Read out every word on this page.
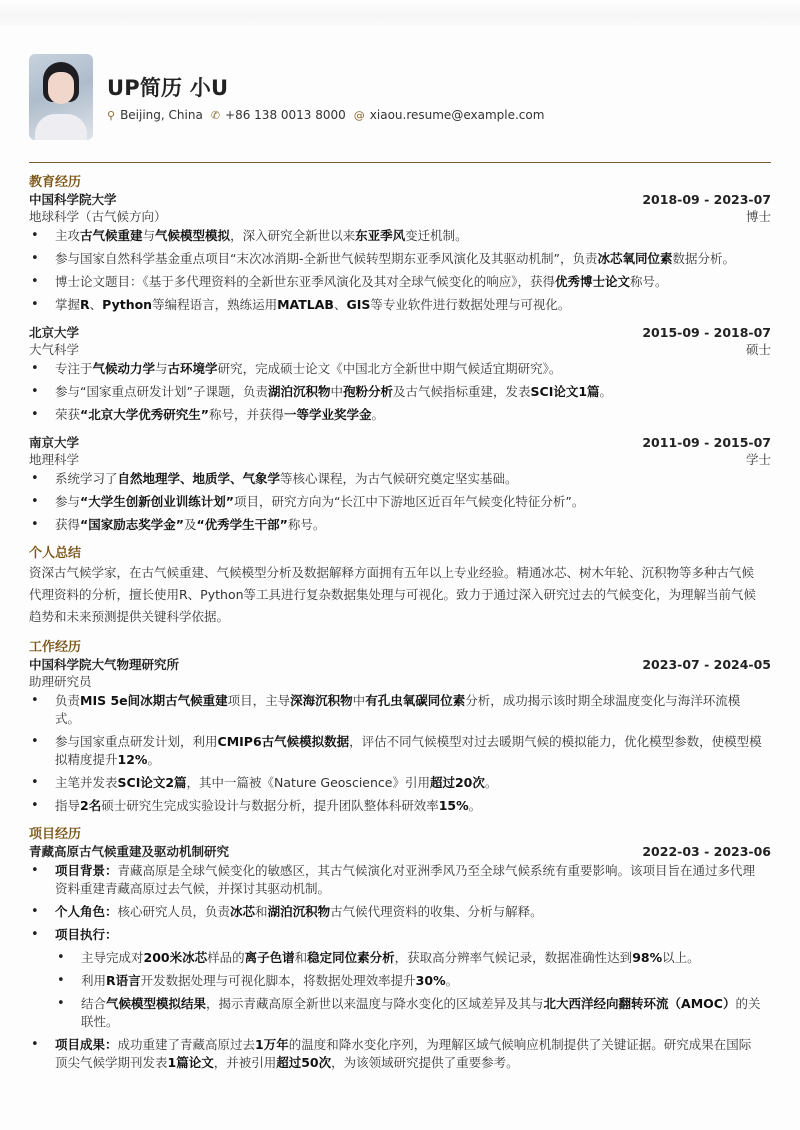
UP简历 小U
⚲ Beijing, China ✆ +86 138 0013 8000 @ xiaou.resume@example.com
教育经历
中国科学院大学	2018-09 - 2023-07
地球科学（古气候方向）	博士
• 主攻古气候重建与气候模型模拟，深入研究全新世以来东亚季风变迁机制。
• 参与国家自然科学基金重点项目“末次冰消期-全新世气候转型期东亚季风演化及其驱动机制”，负责冰芯氧同位素数据分析。
• 博士论文题目：《基于多代理资料的全新世东亚季风演化及其对全球气候变化的响应》，获得优秀博士论文称号。
• 掌握R、Python等编程语言，熟练运用MATLAB、GIS等专业软件进行数据处理与可视化。
北京大学	2015-09 - 2018-07
大气科学	硕士
• 专注于气候动力学与古环境学研究，完成硕士论文《中国北方全新世中期气候适宜期研究》。
• 参与“国家重点研发计划”子课题，负责湖泊沉积物中孢粉分析及古气候指标重建，发表SCI论文1篇。
• 荣获“北京大学优秀研究生”称号，并获得一等学业奖学金。
南京大学	2011-09 - 2015-07
地理科学	学士
• 系统学习了自然地理学、地质学、气象学等核心课程，为古气候研究奠定坚实基础。
• 参与“大学生创新创业训练计划”项目，研究方向为“长江中下游地区近百年气候变化特征分析”。
• 获得“国家励志奖学金”及“优秀学生干部”称号。
个人总结
资深古气候学家，在古气候重建、气候模型分析及数据解释方面拥有五年以上专业经验。精通冰芯、树木年轮、沉积物等多种古气候代理资料的分析，擅长使用R、Python等工具进行复杂数据集处理与可视化。致力于通过深入研究过去的气候变化，为理解当前气候趋势和未来预测提供关键科学依据。
工作经历
中国科学院大气物理研究所	2023-07 - 2024-05
助理研究员
• 负责MIS 5e间冰期古气候重建项目，主导深海沉积物中有孔虫氧碳同位素分析，成功揭示该时期全球温度变化与海洋环流模式。
• 参与国家重点研发计划，利用CMIP6古气候模拟数据，评估不同气候模型对过去暖期气候的模拟能力，优化模型参数，使模型模拟精度提升12%。
• 主笔并发表SCI论文2篇，其中一篇被《Nature Geoscience》引用超过20次。
• 指导2名硕士研究生完成实验设计与数据分析，提升团队整体科研效率15%。
项目经历
青藏高原古气候重建及驱动机制研究	2022-03 - 2023-06
• 项目背景：青藏高原是全球气候变化的敏感区，其古气候演化对亚洲季风乃至全球气候系统有重要影响。该项目旨在通过多代理资料重建青藏高原过去气候，并探讨其驱动机制。
• 个人角色：核心研究人员，负责冰芯和湖泊沉积物古气候代理资料的收集、分析与解释。
• 项目执行：
• 主导完成对200米冰芯样品的离子色谱和稳定同位素分析，获取高分辨率气候记录，数据准确性达到98%以上。
• 利用R语言开发数据处理与可视化脚本，将数据处理效率提升30%。
• 结合气候模型模拟结果，揭示青藏高原全新世以来温度与降水变化的区域差异及其与北大西洋经向翻转环流（AMOC）的关联性。
• 项目成果：成功重建了青藏高原过去1万年的温度和降水变化序列，为理解区域气候响应机制提供了关键证据。研究成果在国际顶尖气候学期刊发表1篇论文，并被引用超过50次，为该领域研究提供了重要参考。
